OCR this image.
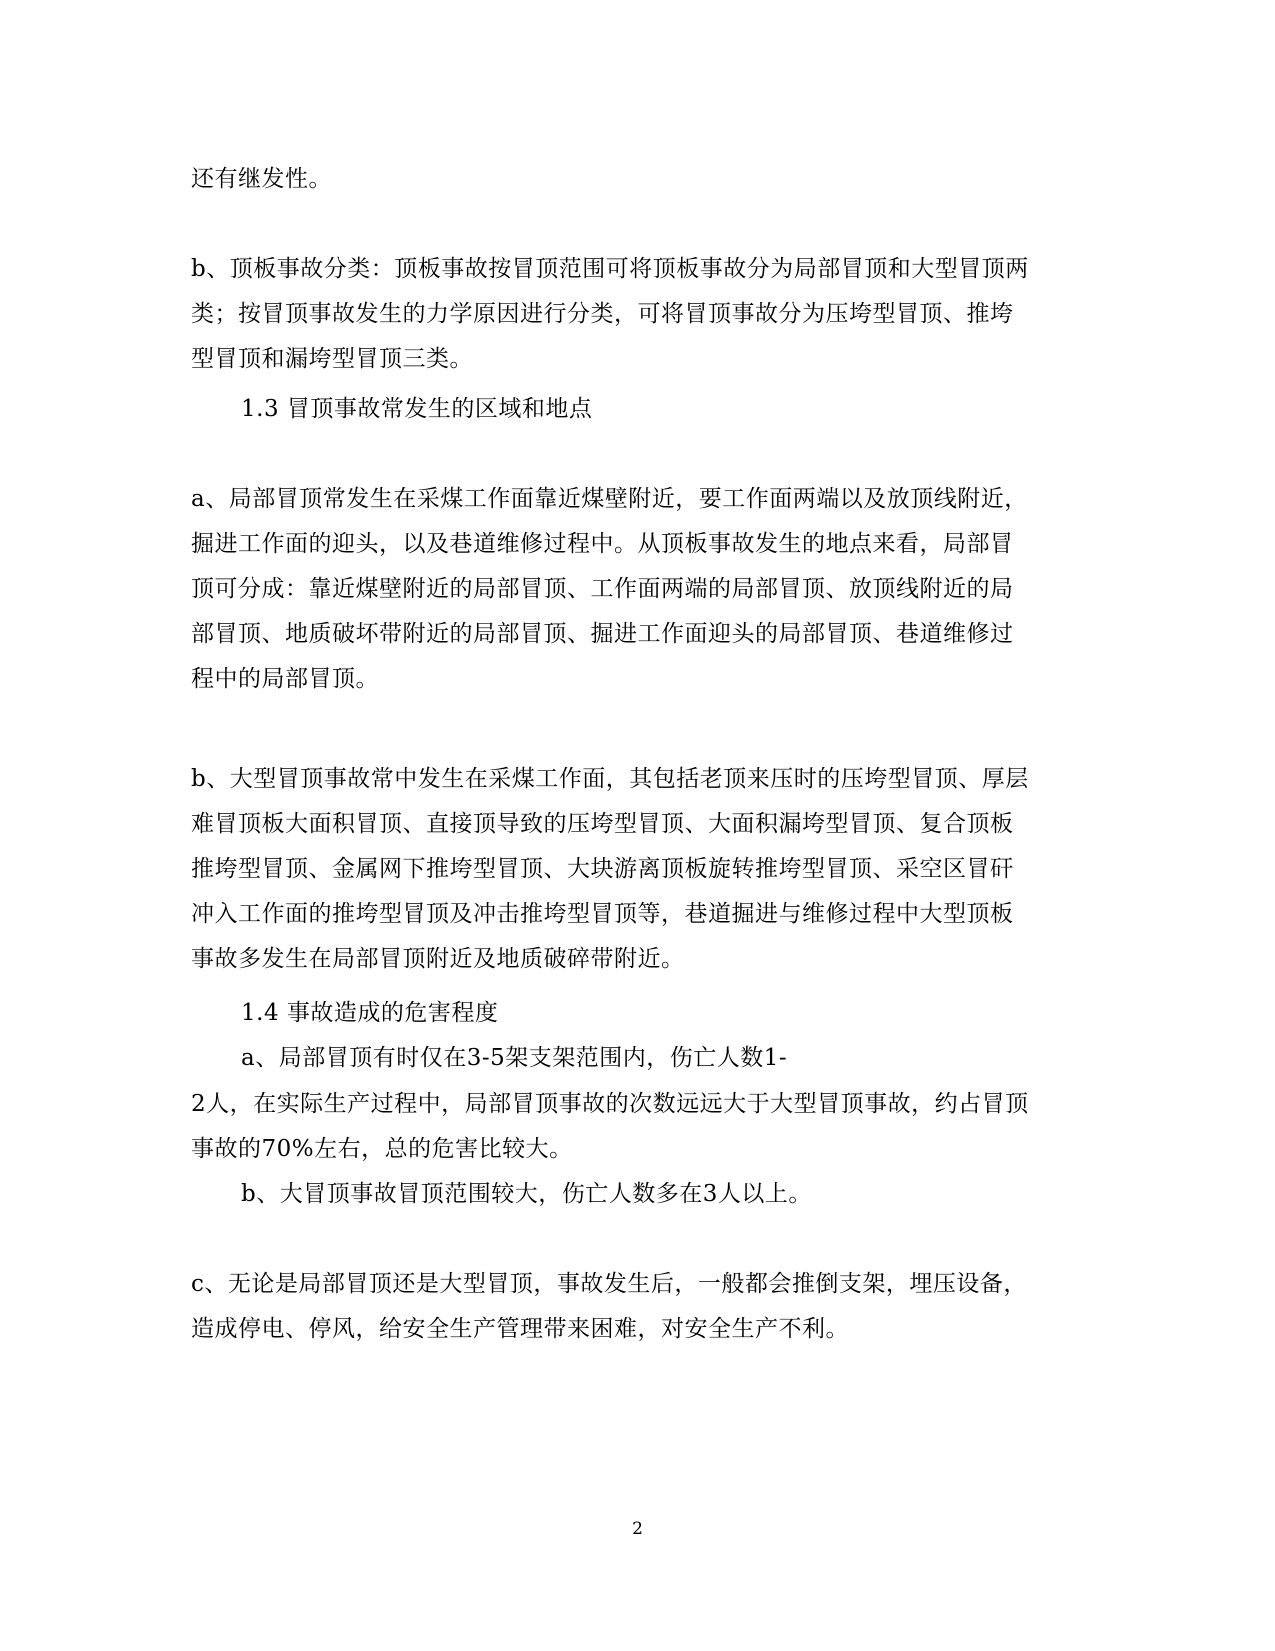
还有继发性。
b、顶板事故分类：顶板事故按冒顶范围可将顶板事故分为局部冒顶和大型冒顶两
类；按冒顶事故发生的力学原因进行分类，可将冒顶事故分为压垮型冒顶、推垮
型冒顶和漏垮型冒顶三类。
1.3 冒顶事故常发生的区域和地点
a、局部冒顶常发生在采煤工作面靠近煤壁附近，要工作面两端以及放顶线附近，
掘进工作面的迎头，以及巷道维修过程中。从顶板事故发生的地点来看，局部冒
顶可分成：靠近煤壁附近的局部冒顶、工作面两端的局部冒顶、放顶线附近的局
部冒顶、地质破坏带附近的局部冒顶、掘进工作面迎头的局部冒顶、巷道维修过
程中的局部冒顶。
b、大型冒顶事故常中发生在采煤工作面，其包括老顶来压时的压垮型冒顶、厚层
难冒顶板大面积冒顶、直接顶导致的压垮型冒顶、大面积漏垮型冒顶、复合顶板
推垮型冒顶、金属网下推垮型冒顶、大块游离顶板旋转推垮型冒顶、采空区冒矸
冲入工作面的推垮型冒顶及冲击推垮型冒顶等，巷道掘进与维修过程中大型顶板
事故多发生在局部冒顶附近及地质破碎带附近。
1.4 事故造成的危害程度
a、局部冒顶有时仅在3-5架支架范围内，伤亡人数1-
2人，在实际生产过程中，局部冒顶事故的次数远远大于大型冒顶事故，约占冒顶
事故的70%左右，总的危害比较大。
b、大冒顶事故冒顶范围较大，伤亡人数多在3人以上。
c、无论是局部冒顶还是大型冒顶，事故发生后，一般都会推倒支架，埋压设备，
造成停电、停风，给安全生产管理带来困难，对安全生产不利。
2
